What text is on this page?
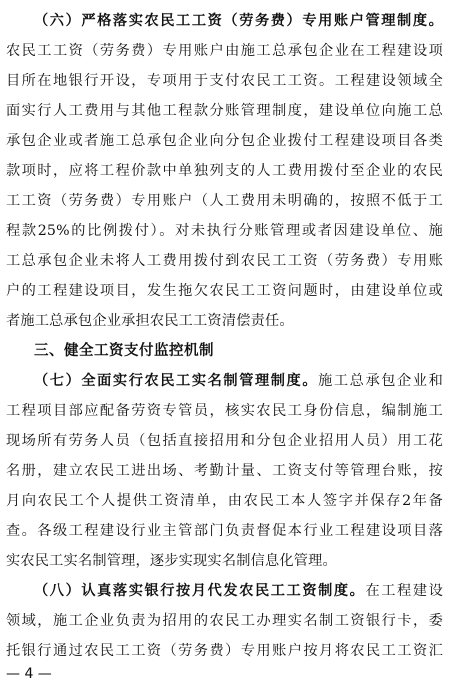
（六）严格落实农民工工资（劳务费）专用账户管理制度。
农民工工资（劳务费）专用账户由施工总承包企业在工程建设项
目所在地银行开设，专项用于支付农民工工资。工程建设领域全
面实行人工费用与其他工程款分账管理制度，建设单位向施工总
承包企业或者施工总承包企业向分包企业拨付工程建设项目各类
款项时，应将工程价款中单独列支的人工费用拨付至企业的农民
工工资（劳务费）专用账户（人工费用未明确的，按照不低于工
程款25%的比例拨付）。对未执行分账管理或者因建设单位、施
工总承包企业未将人工费用拨付到农民工工资（劳务费）专用账
户的工程建设项目，发生拖欠农民工工资问题时，由建设单位或
者施工总承包企业承担农民工工资清偿责任。
三、健全工资支付监控机制
（七）全面实行农民工实名制管理制度。施工总承包企业和
工程项目部应配备劳资专管员，核实农民工身份信息，编制施工
现场所有劳务人员（包括直接招用和分包企业招用人员）用工花
名册，建立农民工进出场、考勤计量、工资支付等管理台账，按
月向农民工个人提供工资清单，由农民工本人签字并保存2年备
查。各级工程建设行业主管部门负责督促本行业工程建设项目落
实农民工实名制管理，逐步实现实名制信息化管理。
（八）认真落实银行按月代发农民工工资制度。在工程建设
领域，施工企业负责为招用的农民工办理实名制工资银行卡，委
托银行通过农民工工资（劳务费）专用账户按月将农民工工资汇
— 4 —
